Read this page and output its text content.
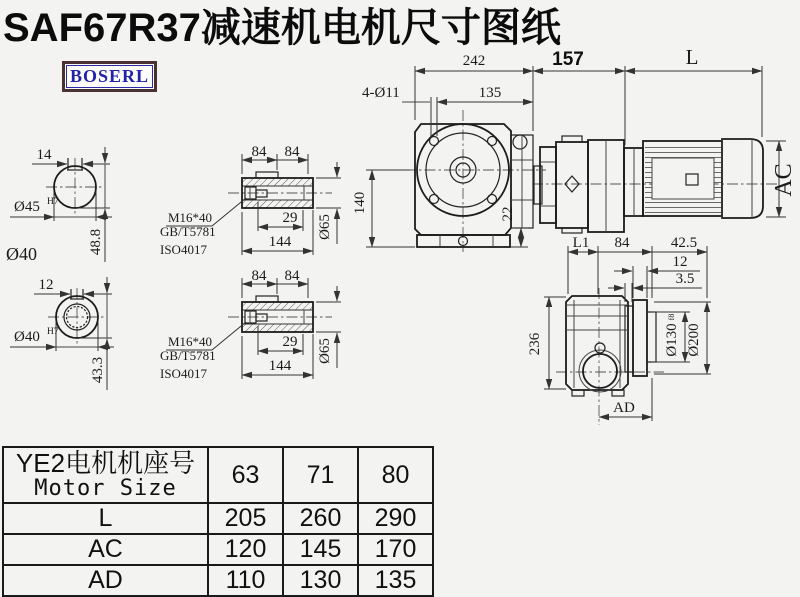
14
Ø45 H7
48.8
Ø40
12
Ø40 H7
43.3
84 84
29
144
Ø65
M16*40
GB/T5781
ISO4017
84 84
29
144
Ø65
M16*40
GB/T5781
ISO4017
242
135
4-Ø11
140	22
157	L
AC
L1 84	42.5
12
3.5
Ø130
f8
Ø200
236
AD
SAF67R37减速机电机尺寸图纸
BOSERL
YE2电机机座号
Motor Size	63	71	80
L	205	260	290
AC	120	145	170
AD	110	130	135
